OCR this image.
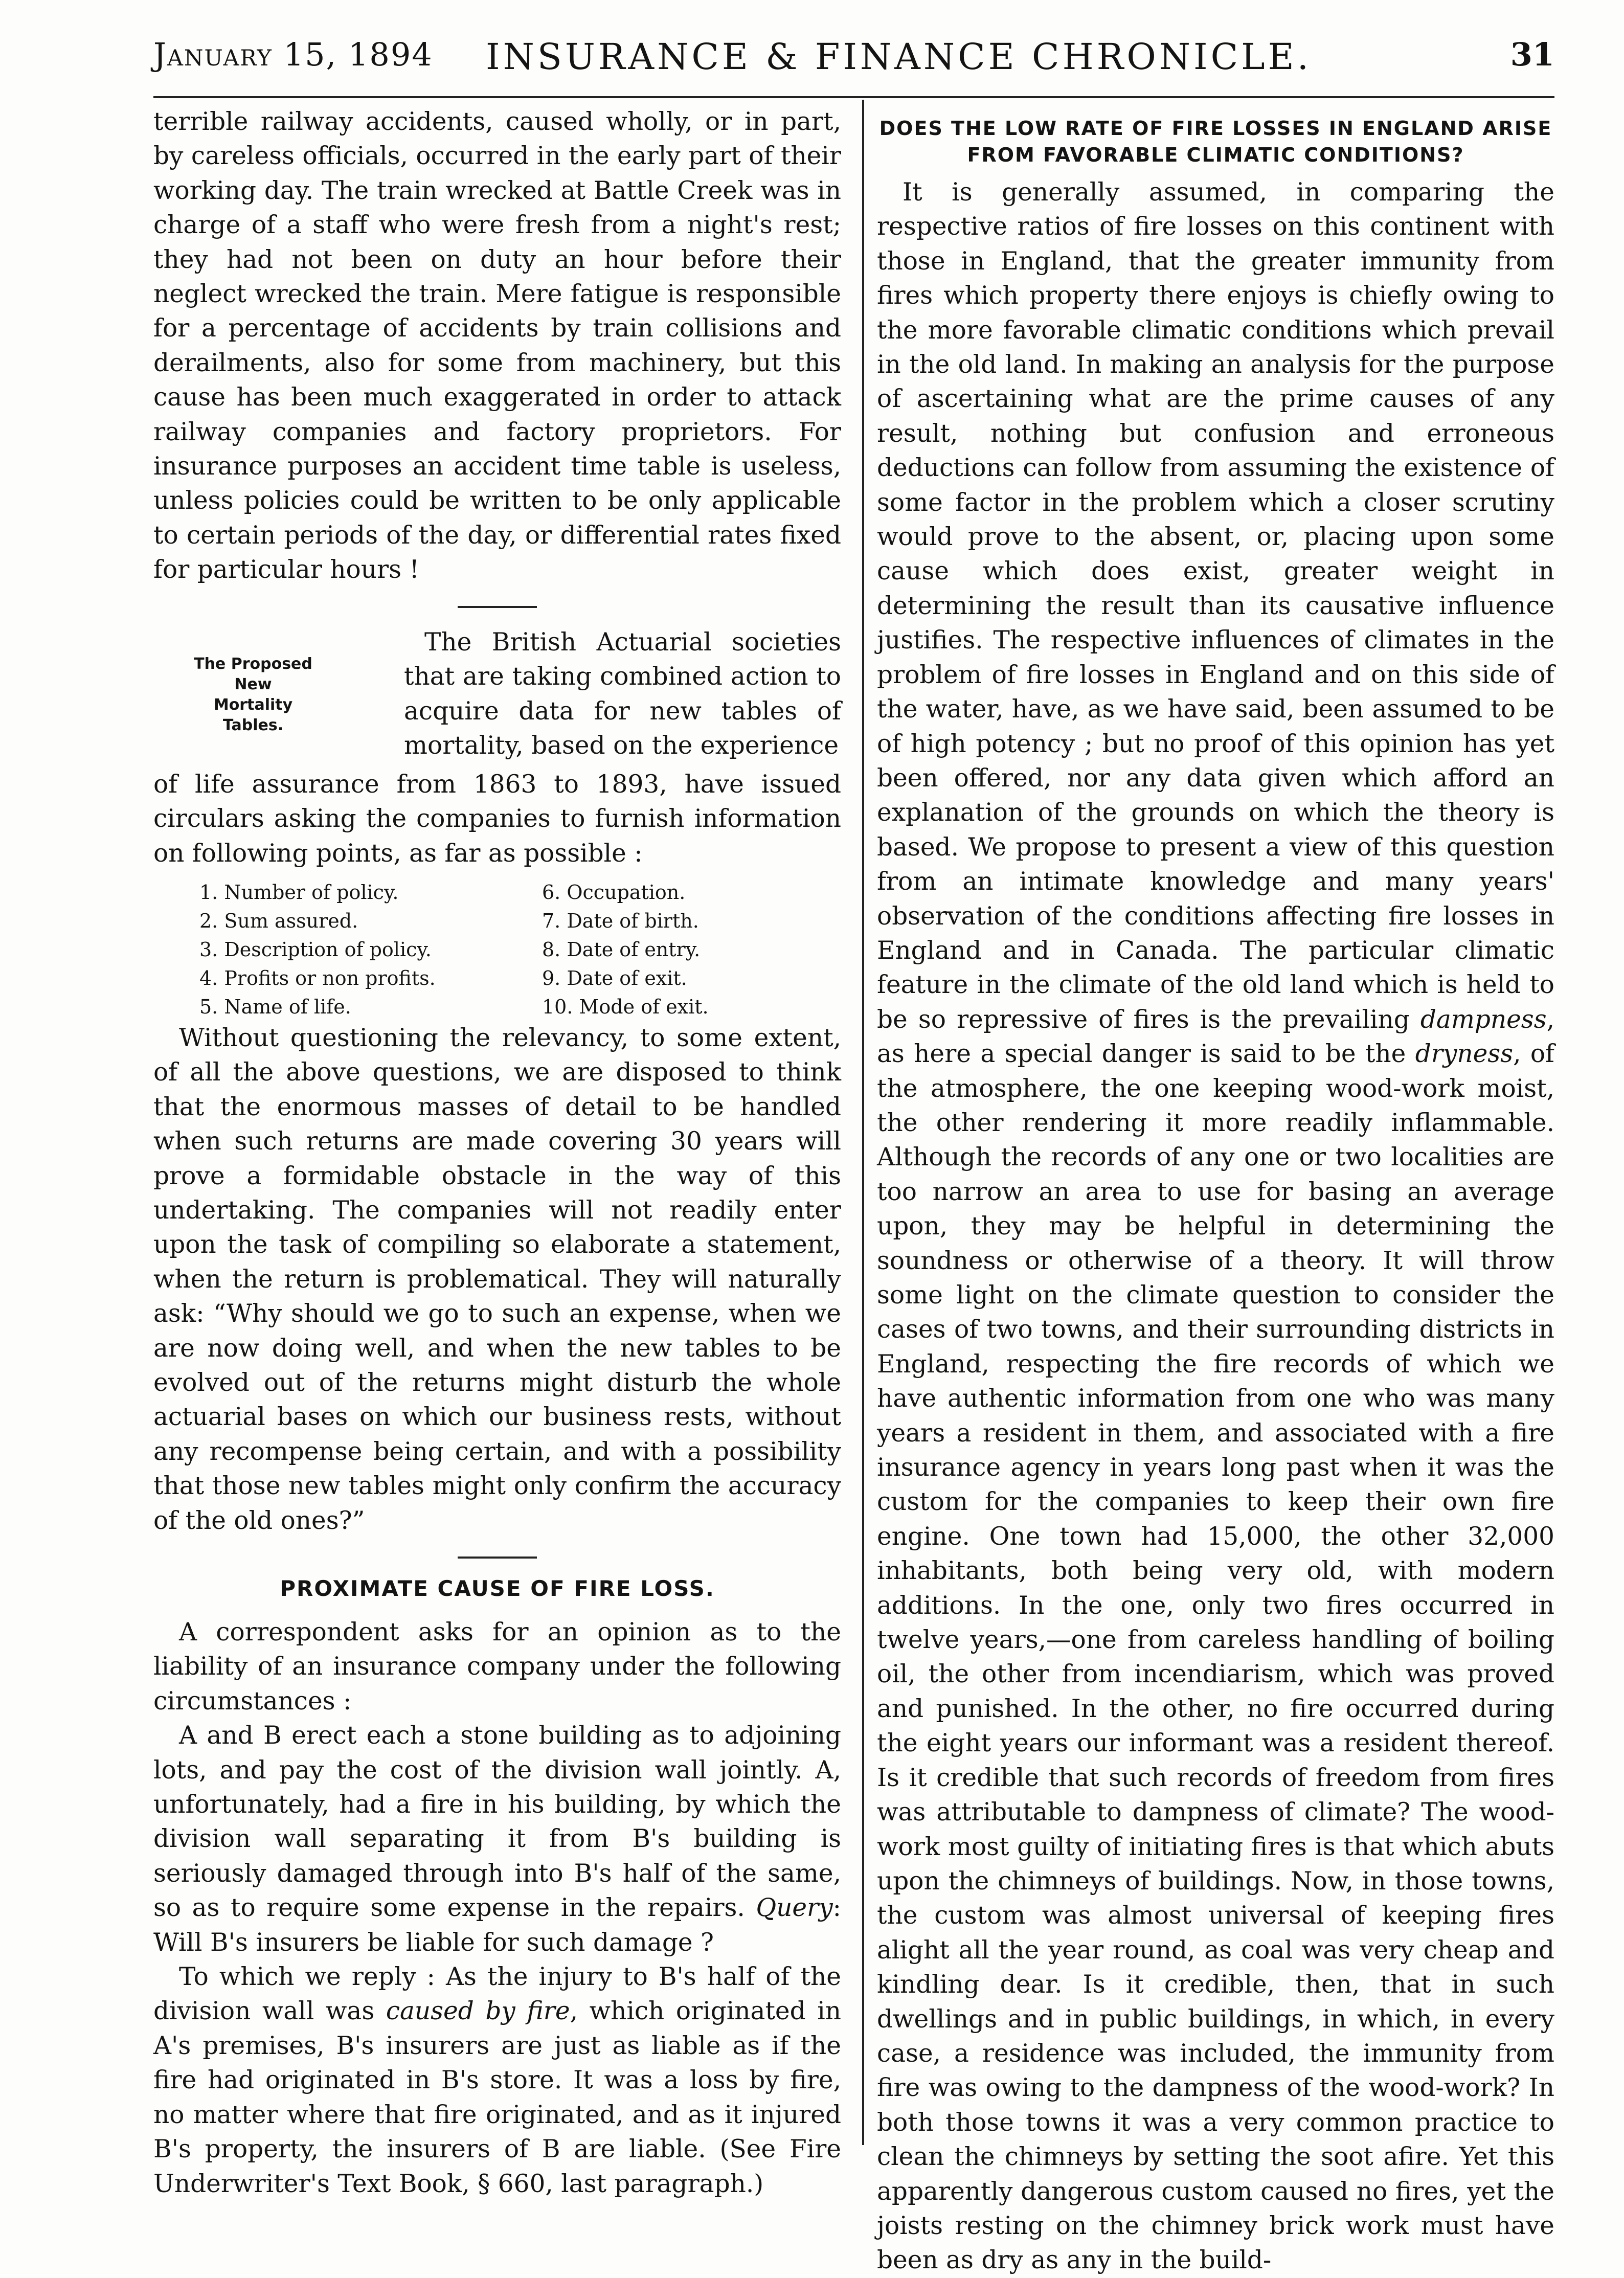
January 15, 1894 INSURANCE & FINANCE CHRONICLE.	31

terrible railway accidents, caused wholly, or in part, by careless officials, occurred in the early part of their working day. The train wrecked at Battle Creek was in charge of a staff who were fresh from a night's rest; they had not been on duty an hour before their neglect wrecked the train. Mere fatigue is responsible for a percentage of accidents by train collisions and derailments, also for some from machinery, but this cause has been much exaggerated in order to attack railway companies and factory proprietors. For insurance purposes an accident time table is useless, unless policies could be written to be only applicable to certain periods of the day, or differential rates fixed for particular hours !

The Proposed
New
Mortality Tables.

The British Actuarial societies that are taking combined action to acquire data for new tables of mortality, based on the experience

of life assurance from 1863 to 1893, have issued circulars asking the companies to furnish information on following points, as far as possible :

1. Number of policy.
2. Sum assured.
3. Description of policy.
4. Profits or non profits.
5. Name of life.
6. Occupation.
7. Date of birth.
8. Date of entry.
9. Date of exit.
10. Mode of exit.

Without questioning the relevancy, to some extent, of all the above questions, we are disposed to think that the enormous masses of detail to be handled when such returns are made covering 30 years will prove a formidable obstacle in the way of this undertaking. The companies will not readily enter upon the task of compiling so elaborate a statement, when the return is problematical. They will naturally ask: “Why should we go to such an expense, when we are now doing well, and when the new tables to be evolved out of the returns might disturb the whole actuarial bases on which our business rests, without any recompense being certain, and with a possibility that those new tables might only confirm the accuracy of the old ones?”

PROXIMATE CAUSE OF FIRE LOSS.

A correspondent asks for an opinion as to the liability of an insurance company under the following circumstances :

A and B erect each a stone building as to adjoining lots, and pay the cost of the division wall jointly. A, unfortunately, had a fire in his building, by which the division wall separating it from B's building is seriously damaged through into B's half of the same, so as to require some expense in the repairs. Query: Will B's insurers be liable for such damage ?

To which we reply : As the injury to B's half of the division wall was caused by fire, which originated in A's premises, B's insurers are just as liable as if the fire had originated in B's store. It was a loss by fire, no matter where that fire originated, and as it injured B's property, the insurers of B are liable. (See Fire Underwriter's Text Book, § 660, last paragraph.)

DOES THE LOW RATE OF FIRE LOSSES IN ENGLAND ARISE FROM FAVORABLE CLIMATIC CONDITIONS?

It is generally assumed, in comparing the respective ratios of fire losses on this continent with those in England, that the greater immunity from fires which property there enjoys is chiefly owing to the more favorable climatic conditions which prevail in the old land. In making an analysis for the purpose of ascertaining what are the prime causes of any result, nothing but confusion and erroneous deductions can follow from assuming the existence of some factor in the problem which a closer scrutiny would prove to the absent, or, placing upon some cause which does exist, greater weight in determining the result than its causative influence justifies. The respective influences of climates in the problem of fire losses in England and on this side of the water, have, as we have said, been assumed to be of high potency ; but no proof of this opinion has yet been offered, nor any data given which afford an explanation of the grounds on which the theory is based. We propose to present a view of this question from an intimate knowledge and many years' observation of the conditions affecting fire losses in England and in Canada. The particular climatic feature in the climate of the old land which is held to be so repressive of fires is the prevailing dampness, as here a special danger is said to be the dryness, of the atmosphere, the one keeping wood-work moist, the other rendering it more readily inflammable. Although the records of any one or two localities are too narrow an area to use for basing an average upon, they may be helpful in determining the soundness or otherwise of a theory. It will throw some light on the climate question to consider the cases of two towns, and their surrounding districts in England, respecting the fire records of which we have authentic information from one who was many years a resident in them, and associated with a fire insurance agency in years long past when it was the custom for the companies to keep their own fire engine. One town had 15,000, the other 32,000 inhabitants, both being very old, with modern additions. In the one, only two fires occurred in twelve years,—one from careless handling of boiling oil, the other from incendiarism, which was proved and punished. In the other, no fire occurred during the eight years our informant was a resident thereof. Is it credible that such records of freedom from fires was attributable to dampness of climate? The wood-work most guilty of initiating fires is that which abuts upon the chimneys of buildings. Now, in those towns, the custom was almost universal of keeping fires alight all the year round, as coal was very cheap and kindling dear. Is it credible, then, that in such dwellings and in public buildings, in which, in every case, a residence was included, the immunity from fire was owing to the dampness of the wood-work? In both those towns it was a very common practice to clean the chimneys by setting the soot afire. Yet this apparently dangerous custom caused no fires, yet the joists resting on the chimney brick work must have been as dry as any in the build-
